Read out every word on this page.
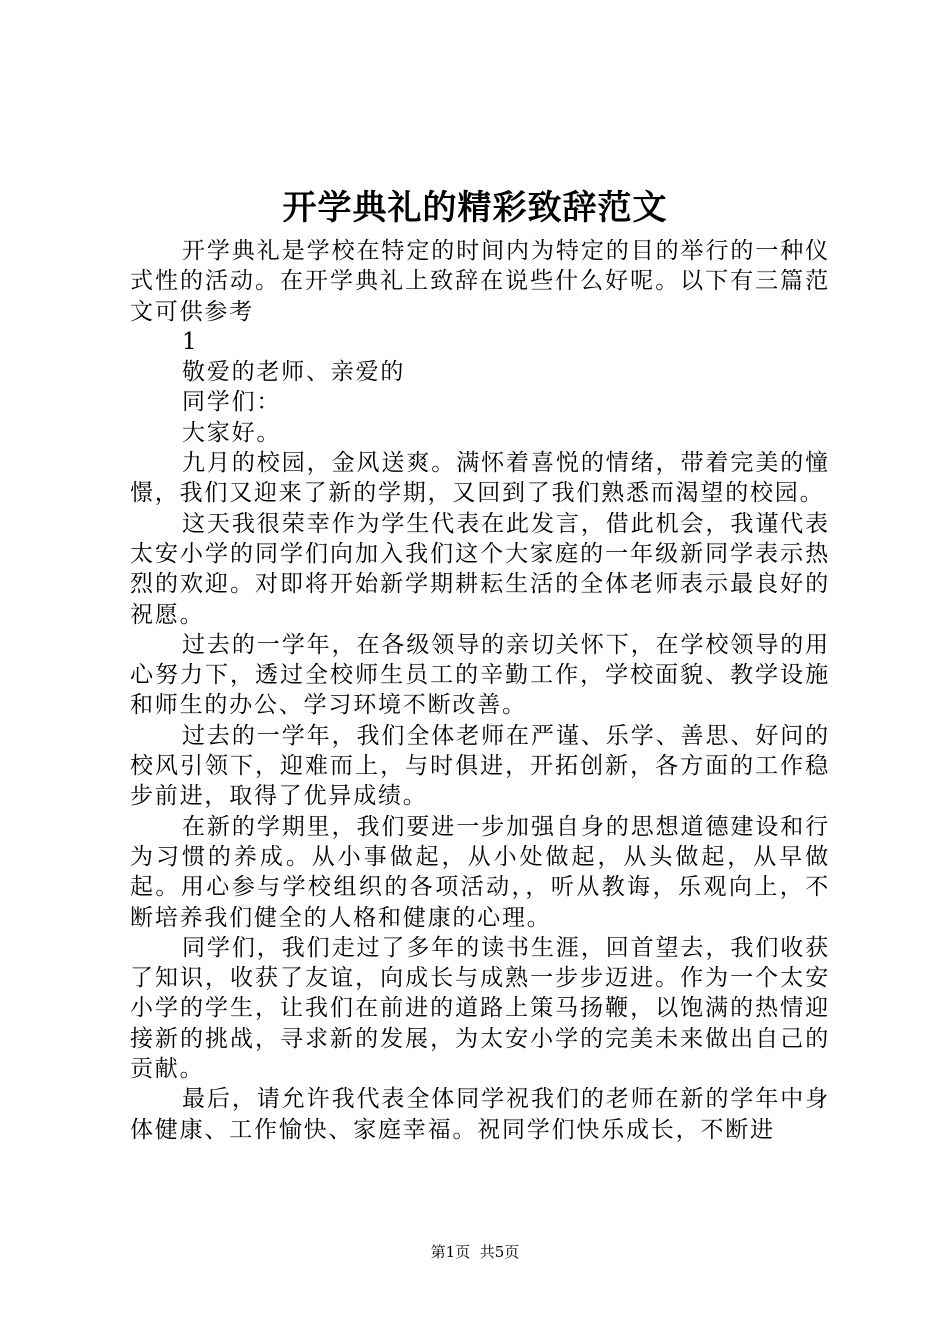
开学典礼的精彩致辞范文

开学典礼是学校在特定的时间内为特定的目的举行的一种仪式性的活动。在开学典礼上致辞在说些什么好呢。以下有三篇范文可供参考

1

敬爱的老师、亲爱的

同学们：

大家好。

九月的校园，金风送爽。满怀着喜悦的情绪，带着完美的憧憬，我们又迎来了新的学期，又回到了我们熟悉而渴望的校园。

这天我很荣幸作为学生代表在此发言，借此机会，我谨代表太安小学的同学们向加入我们这个大家庭的一年级新同学表示热烈的欢迎。对即将开始新学期耕耘生活的全体老师表示最良好的祝愿。

过去的一学年，在各级领导的亲切关怀下，在学校领导的用心努力下，透过全校师生员工的辛勤工作，学校面貌、教学设施和师生的办公、学习环境不断改善。

过去的一学年，我们全体老师在严谨、乐学、善思、好问的校风引领下，迎难而上，与时俱进，开拓创新，各方面的工作稳步前进，取得了优异成绩。

在新的学期里，我们要进一步加强自身的思想道德建设和行为习惯的养成。从小事做起，从小处做起，从头做起，从早做起。用心参与学校组织的各项活动，，听从教诲，乐观向上，不断培养我们健全的人格和健康的心理。

同学们，我们走过了多年的读书生涯，回首望去，我们收获了知识，收获了友谊，向成长与成熟一步步迈进。作为一个太安小学的学生，让我们在前进的道路上策马扬鞭，以饱满的热情迎接新的挑战，寻求新的发展，为太安小学的完美未来做出自己的贡献。

最后，请允许我代表全体同学祝我们的老师在新的学年中身体健康、工作愉快、家庭幸福。祝同学们快乐成长，不断进

第1页 共5页
